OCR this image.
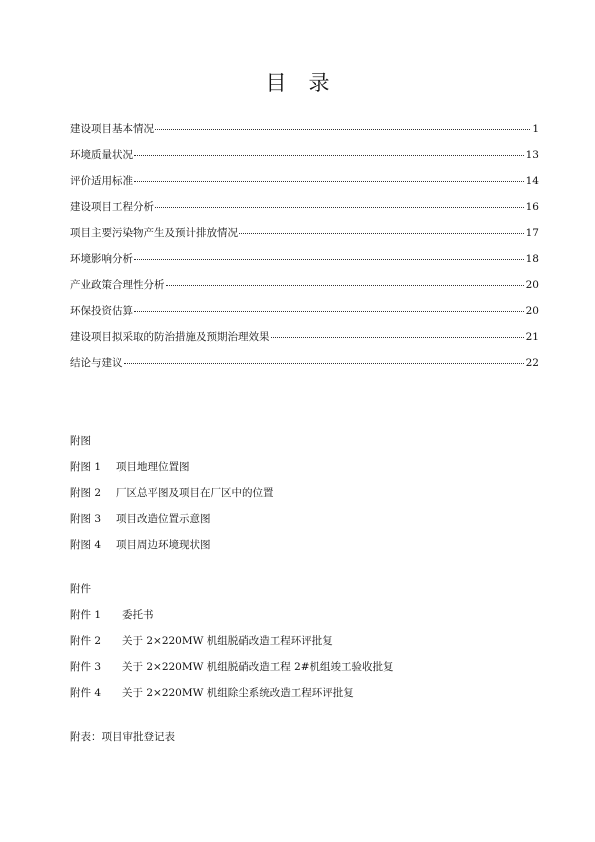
目 录
建设项目基本情况	1
环境质量状况	13
评价适用标准	14
建设项目工程分析	16
项目主要污染物产生及预计排放情况	17
环境影响分析	18
产业政策合理性分析	20
环保投资估算	20
建设项目拟采取的防治措施及预期治理效果	21
结论与建议	22
附图
附图 1	项目地理位置图
附图 2	厂区总平图及项目在厂区中的位置
附图 3	项目改造位置示意图
附图 4	项目周边环境现状图
附件
附件 1	委托书
附件 2	关于 2×220MW 机组脱硝改造工程环评批复
附件 3	关于 2×220MW 机组脱硝改造工程 2#机组竣工验收批复
附件 4	关于 2×220MW 机组除尘系统改造工程环评批复
附表：项目审批登记表
